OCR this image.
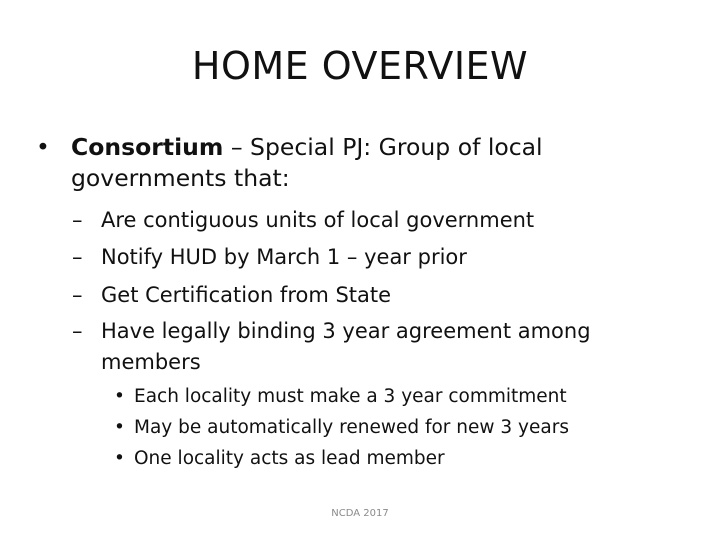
HOME OVERVIEW
• Consortium – Special PJ: Group of local governments that:
– Are contiguous units of local government
– Notify HUD by March 1 – year prior
– Get Certification from State
– Have legally binding 3 year agreement among members
• Each locality must make a 3 year commitment
• May be automatically renewed for new 3 years
• One locality acts as lead member
NCDA 2017
